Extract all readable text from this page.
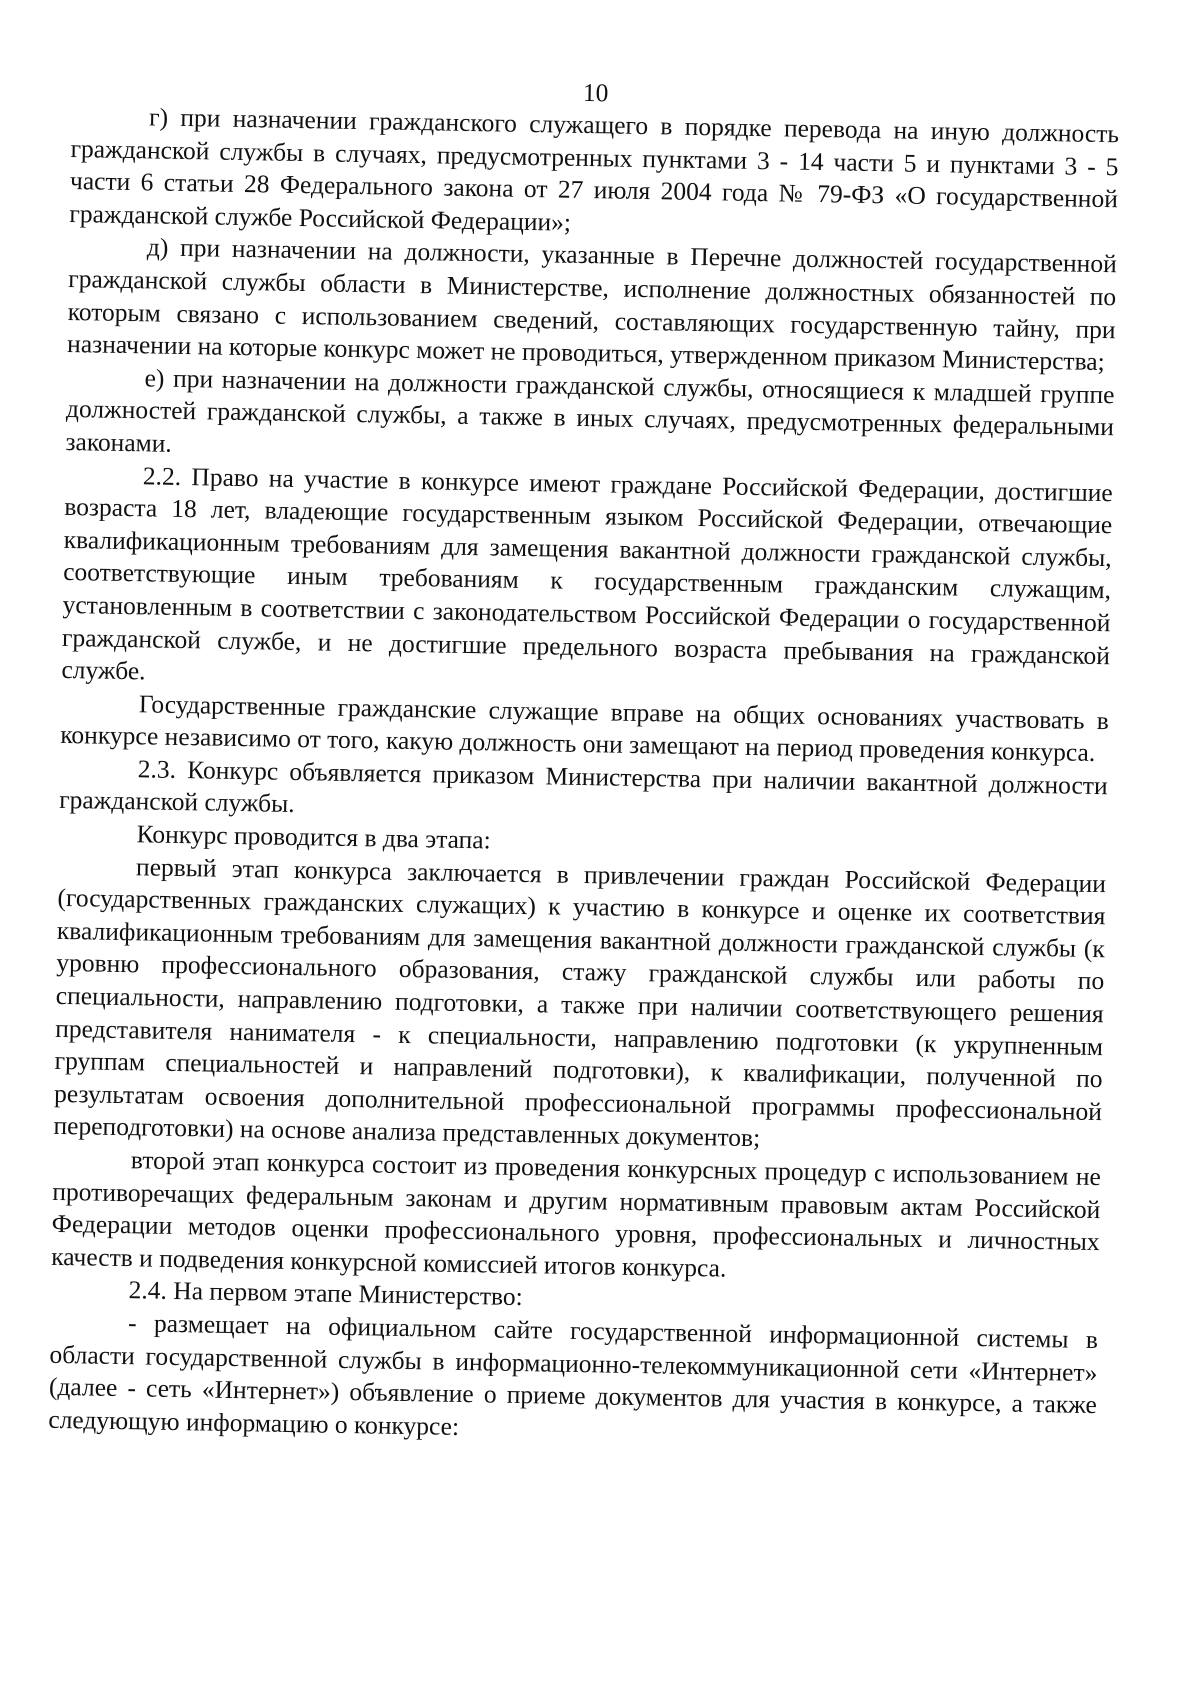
10

г) при назначении гражданского служащего в порядке перевода на иную должность гражданской службы в случаях, предусмотренных пунктами 3 - 14 части 5 и пунктами 3 - 5 части 6 статьи 28 Федерального закона от 27 июля 2004 года № 79-ФЗ «О государственной гражданской службе Российской Федерации»;

д) при назначении на должности, указанные в Перечне должностей государственной гражданской службы области в Министерстве, исполнение должностных обязанностей по которым связано с использованием сведений, составляющих государственную тайну, при назначении на которые конкурс может не проводиться, утвержденном приказом Министерства;

е) при назначении на должности гражданской службы, относящиеся к младшей группе должностей гражданской службы, а также в иных случаях, предусмотренных федеральными законами.

2.2. Право на участие в конкурсе имеют граждане Российской Федерации, достигшие возраста 18 лет, владеющие государственным языком Российской Федерации, отвечающие квалификационным требованиям для замещения вакантной должности гражданской службы, соответствующие иным требованиям к государственным гражданским служащим, установленным в соответствии с законодательством Российской Федерации о государственной гражданской службе, и не достигшие предельного возраста пребывания на гражданской службе.

Государственные гражданские служащие вправе на общих основаниях участвовать в конкурсе независимо от того, какую должность они замещают на период проведения конкурса.

2.3. Конкурс объявляется приказом Министерства при наличии вакантной должности гражданской службы.

Конкурс проводится в два этапа:

первый этап конкурса заключается в привлечении граждан Российской Федерации (государственных гражданских служащих) к участию в конкурсе и оценке их соответствия квалификационным требованиям для замещения вакантной должности гражданской службы (к уровню профессионального образования, стажу гражданской службы или работы по специальности, направлению подготовки, а также при наличии соответствующего решения представителя нанимателя - к специальности, направлению подготовки (к укрупненным группам специальностей и направлений подготовки), к квалификации, полученной по результатам освоения дополнительной профессиональной программы профессиональной переподготовки) на основе анализа представленных документов;

второй этап конкурса состоит из проведения конкурсных процедур с использованием не противоречащих федеральным законам и другим нормативным правовым актам Российской Федерации методов оценки профессионального уровня, профессиональных и личностных качеств и подведения конкурсной комиссией итогов конкурса.

2.4. На первом этапе Министерство:

- размещает на официальном сайте государственной информационной системы в области государственной службы в информационно-телекоммуникационной сети «Интернет» (далее - сеть «Интернет») объявление о приеме документов для участия в конкурсе, а также следующую информацию о конкурсе:
